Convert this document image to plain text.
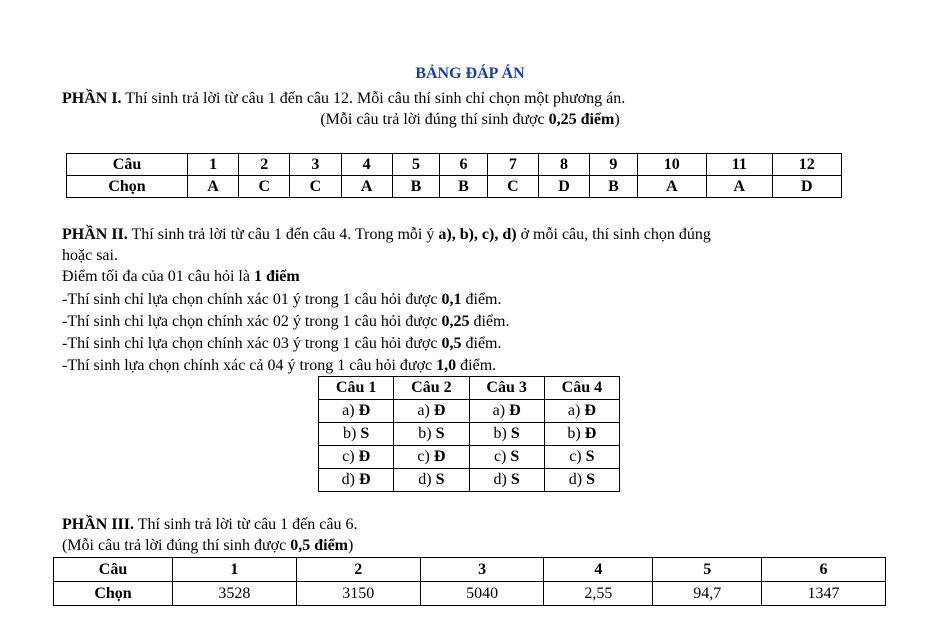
BẢNG ĐÁP ÁN
PHẦN I. Thí sinh trả lời từ câu 1 đến câu 12. Mỗi câu thí sinh chỉ chọn một phương án.
(Mỗi câu trả lời đúng thí sinh được 0,25 điểm)
Câu	1	2	3	4	5	6	7	8	9	10	11	12
Chọn	A	C	C	A	B	B	C	D	B	A	A	D
PHẦN II. Thí sinh trả lời từ câu 1 đến câu 4. Trong mỗi ý a), b), c), d) ở mỗi câu, thí sinh chọn đúng
hoặc sai.
Điểm tối đa của 01 câu hỏi là 1 điểm
-Thí sinh chỉ lựa chọn chính xác 01 ý trong 1 câu hỏi được 0,1 điểm.
-Thí sinh chỉ lựa chọn chính xác 02 ý trong 1 câu hỏi được 0,25 điểm.
-Thí sinh chỉ lựa chọn chính xác 03 ý trong 1 câu hỏi được 0,5 điểm.
-Thí sinh lựa chọn chính xác cả 04 ý trong 1 câu hỏi được 1,0 điểm.
Câu 1	Câu 2	Câu 3	Câu 4
a) Đ	a) Đ	a) Đ	a) Đ
b) S	b) S	b) S	b) Đ
c) Đ	c) Đ	c) S	c) S
d) Đ	d) S	d) S	d) S
PHẦN III. Thí sinh trả lời từ câu 1 đến câu 6.
(Mỗi câu trả lời đúng thí sinh được 0,5 điểm)
Câu	1	2	3	4	5	6
Chọn	3528	3150	5040	2,55	94,7	1347
